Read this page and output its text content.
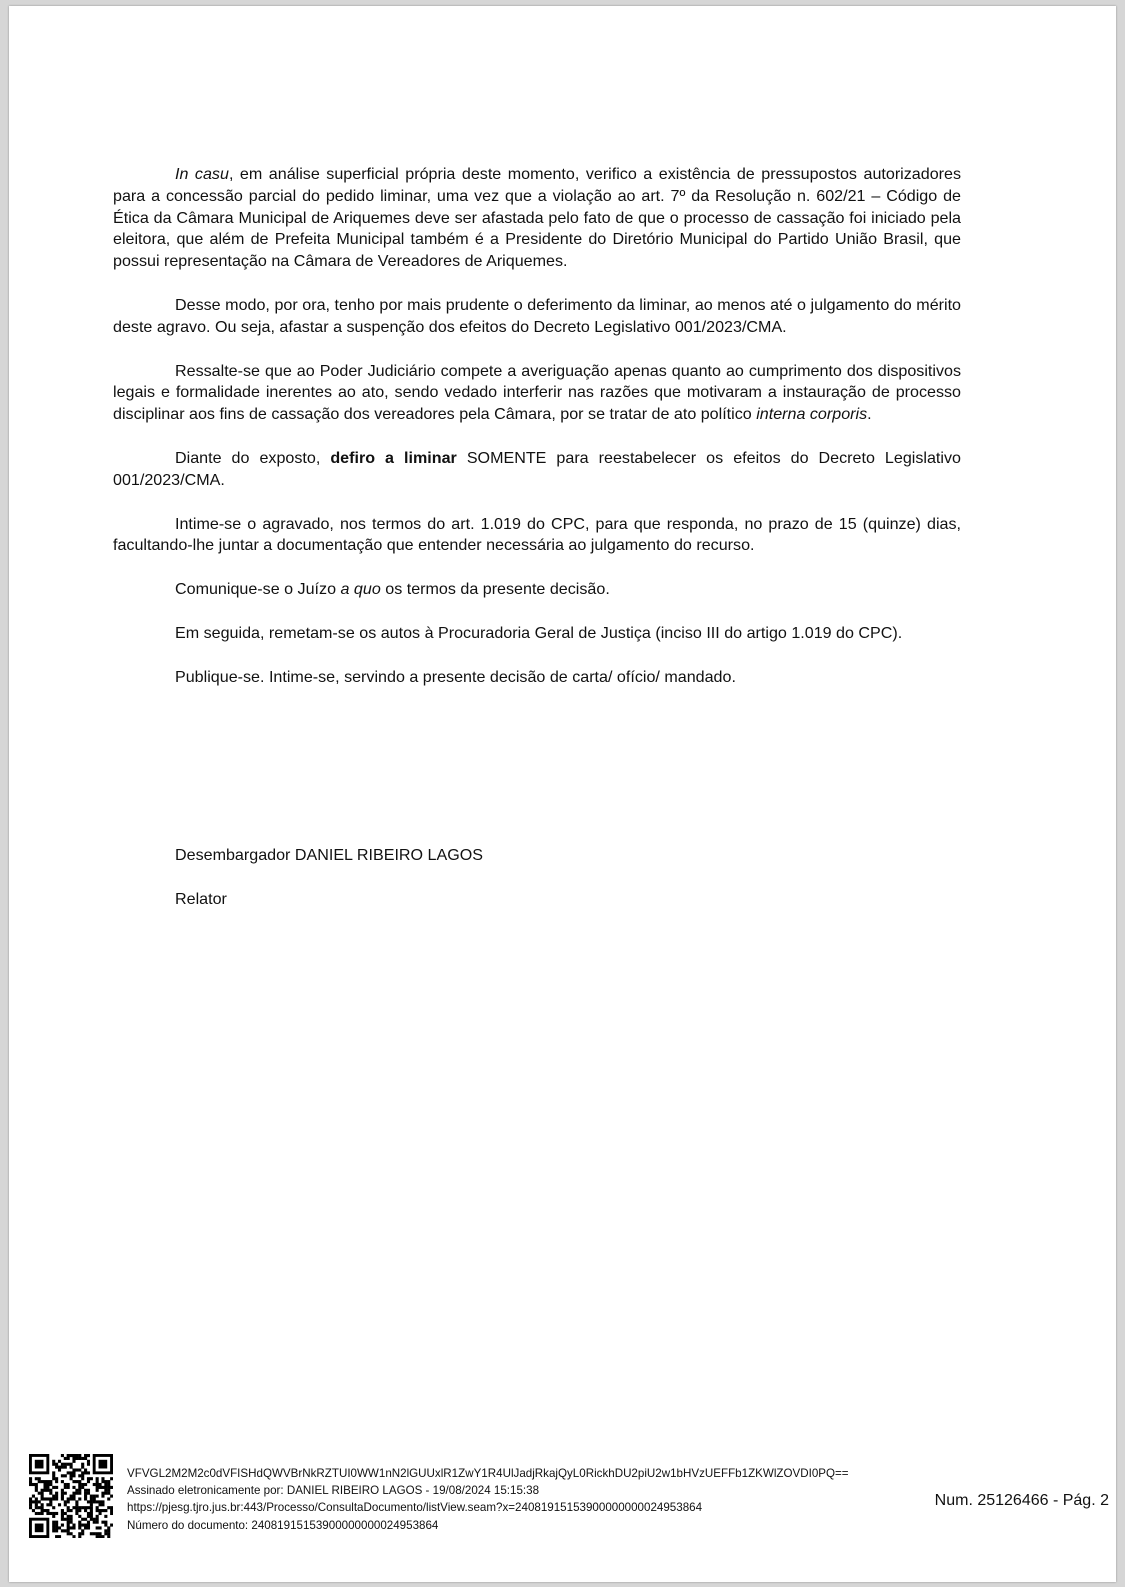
In casu, em análise superficial própria deste momento, verifico a existência de pressupostos autorizadores para a concessão parcial do pedido liminar, uma vez que a violação ao art. 7º da Resolução n. 602/21 – Código de Ética da Câmara Municipal de Ariquemes deve ser afastada pelo fato de que o processo de cassação foi iniciado pela eleitora, que além de Prefeita Municipal também é a Presidente do Diretório Municipal do Partido União Brasil, que possui representação na Câmara de Vereadores de Ariquemes.

Desse modo, por ora, tenho por mais prudente o deferimento da liminar, ao menos até o julgamento do mérito deste agravo. Ou seja, afastar a suspenção dos efeitos do Decreto Legislativo 001/2023/CMA.

Ressalte-se que ao Poder Judiciário compete a averiguação apenas quanto ao cumprimento dos dispositivos legais e formalidade inerentes ao ato, sendo vedado interferir nas razões que motivaram a instauração de processo disciplinar aos fins de cassação dos vereadores pela Câmara, por se tratar de ato político interna corporis.

Diante do exposto, defiro a liminar SOMENTE para reestabelecer os efeitos do Decreto Legislativo 001/2023/CMA.

Intime-se o agravado, nos termos do art. 1.019 do CPC, para que responda, no prazo de 15 (quinze) dias, facultando-lhe juntar a documentação que entender necessária ao julgamento do recurso.

Comunique-se o Juízo a quo os termos da presente decisão.

Em seguida, remetam-se os autos à Procuradoria Geral de Justiça (inciso III do artigo 1.019 do CPC).

Publique-se. Intime-se, servindo a presente decisão de carta/ ofício/ mandado.

Desembargador DANIEL RIBEIRO LAGOS
Relator
VFVGL2M2M2c0dVFISHdQWVBrNkRZTUI0WW1nN2lGUUxlR1ZwY1R4UlJadjRkajQyL0RickhDU2piU2w1bHVzUEFFb1ZKWlZOVDI0PQ==
Assinado eletronicamente por: DANIEL RIBEIRO LAGOS - 19/08/2024 15:15:38
https://pjesg.tjro.jus.br:443/Processo/ConsultaDocumento/listView.seam?x=24081915153900000000024953864
Número do documento: 24081915153900000000024953864
Num. 25126466 - Pág. 2
